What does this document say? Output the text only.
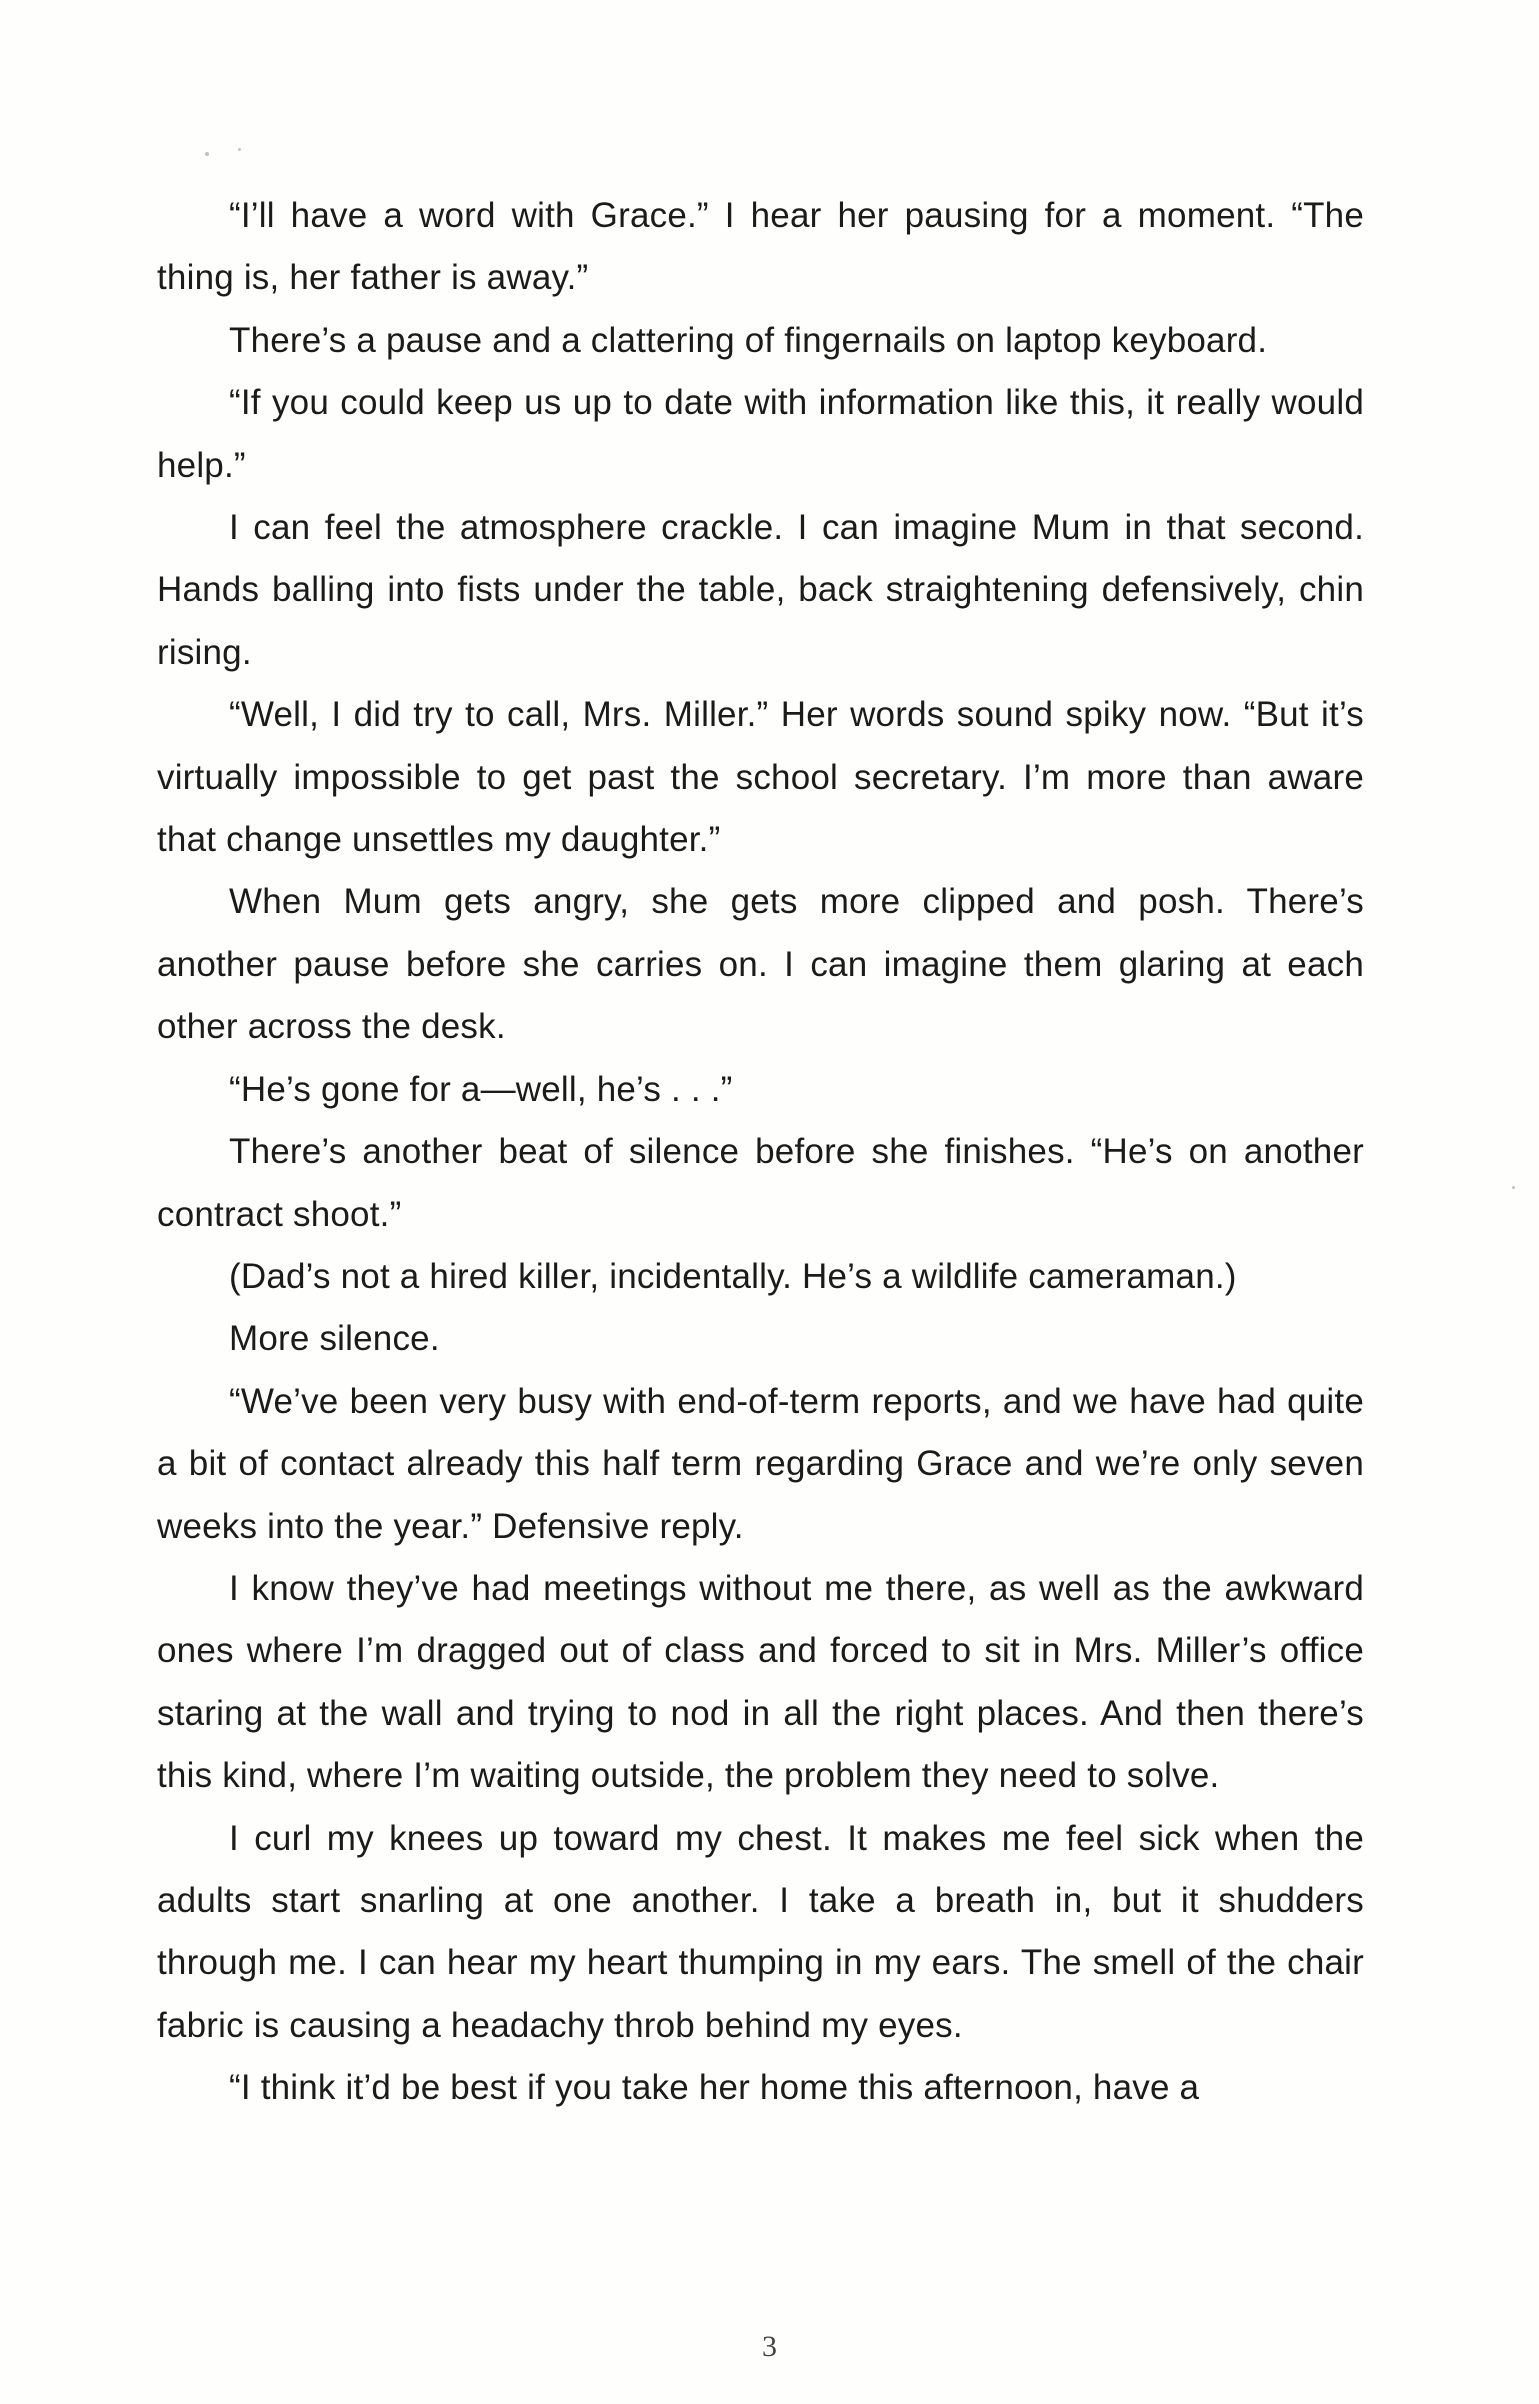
“I’ll have a word with Grace.” I hear her pausing for a moment. “The thing is, her father is away.”

There’s a pause and a clattering of fingernails on laptop keyboard.

“If you could keep us up to date with information like this, it really would help.”

I can feel the atmosphere crackle. I can imagine Mum in that second. Hands balling into fists under the table, back straightening defensively, chin rising.

“Well, I did try to call, Mrs. Miller.” Her words sound spiky now. “But it’s virtually impossible to get past the school secretary. I’m more than aware that change unsettles my daughter.”

When Mum gets angry, she gets more clipped and posh. There’s another pause before she carries on. I can imagine them glaring at each other across the desk.

“He’s gone for a—well, he’s . . .”

There’s another beat of silence before she finishes. “He’s on another contract shoot.”

(Dad’s not a hired killer, incidentally. He’s a wildlife cameraman.)

More silence.

“We’ve been very busy with end-of-term reports, and we have had quite a bit of contact already this half term regarding Grace and we’re only seven weeks into the year.” Defensive reply.

I know they’ve had meetings without me there, as well as the awkward ones where I’m dragged out of class and forced to sit in Mrs. Miller’s office staring at the wall and trying to nod in all the right places. And then there’s this kind, where I’m waiting outside, the problem they need to solve.

I curl my knees up toward my chest. It makes me feel sick when the adults start snarling at one another. I take a breath in, but it shudders through me. I can hear my heart thumping in my ears. The smell of the chair fabric is causing a headachy throb behind my eyes.

“I think it’d be best if you take her home this afternoon, have a

3
